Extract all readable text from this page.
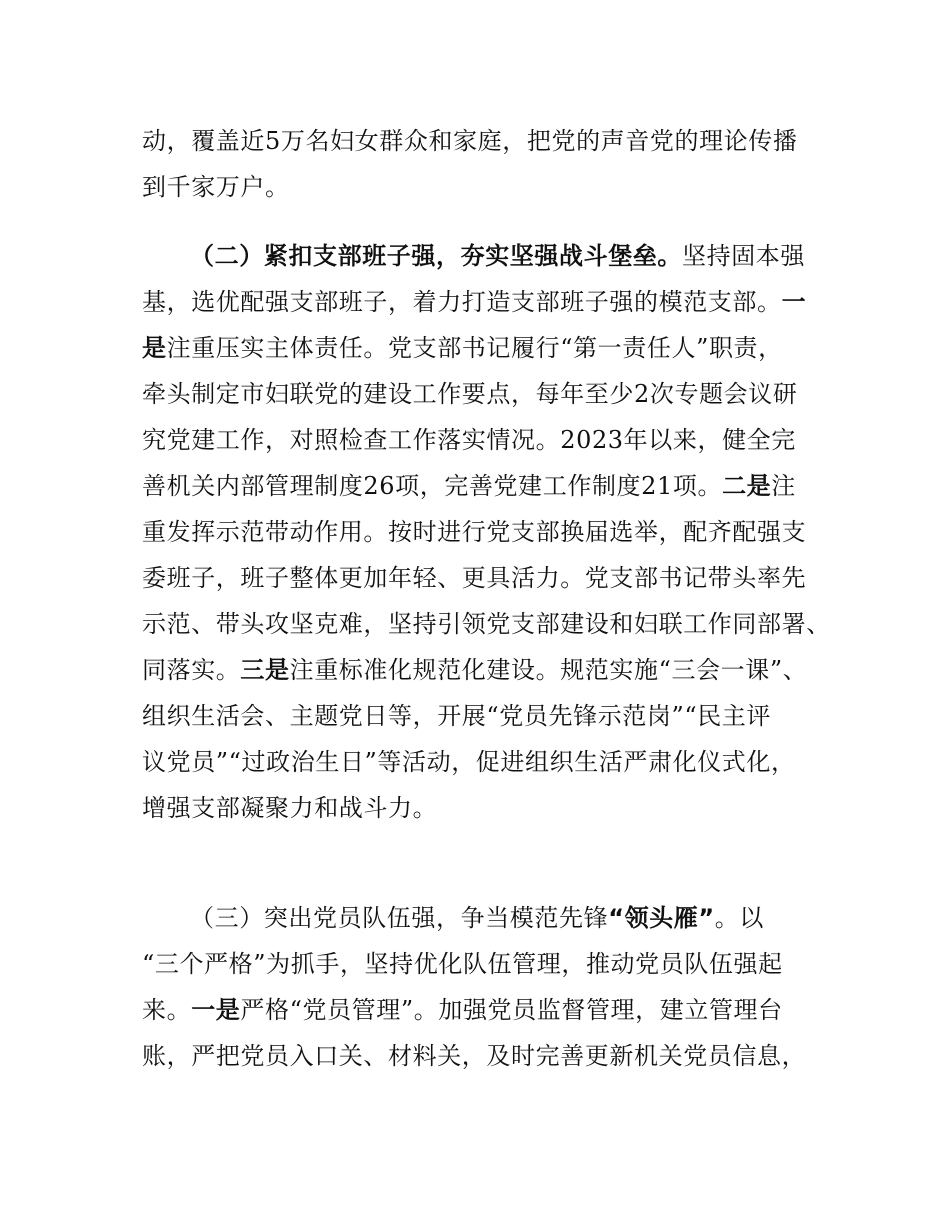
动，覆盖近5万名妇女群众和家庭，把党的声音党的理论传播
到千家万户。
（二）紧扣支部班子强，夯实坚强战斗堡垒。坚持固本强
基，选优配强支部班子，着力打造支部班子强的模范支部。一
是注重压实主体责任。党支部书记履行“第一责任人”职责，
牵头制定市妇联党的建设工作要点，每年至少2次专题会议研
究党建工作，对照检查工作落实情况。2023年以来，健全完
善机关内部管理制度26项，完善党建工作制度21项。二是注
重发挥示范带动作用。按时进行党支部换届选举，配齐配强支
委班子，班子整体更加年轻、更具活力。党支部书记带头率先
示范、带头攻坚克难，坚持引领党支部建设和妇联工作同部署、
同落实。三是注重标准化规范化建设。规范实施“三会一课”、
组织生活会、主题党日等，开展“党员先锋示范岗”“民主评
议党员”“过政治生日”等活动，促进组织生活严肃化仪式化，
增强支部凝聚力和战斗力。
（三）突出党员队伍强，争当模范先锋“领头雁”。以
“三个严格”为抓手，坚持优化队伍管理，推动党员队伍强起
来。一是严格“党员管理”。加强党员监督管理，建立管理台
账，严把党员入口关、材料关，及时完善更新机关党员信息，
